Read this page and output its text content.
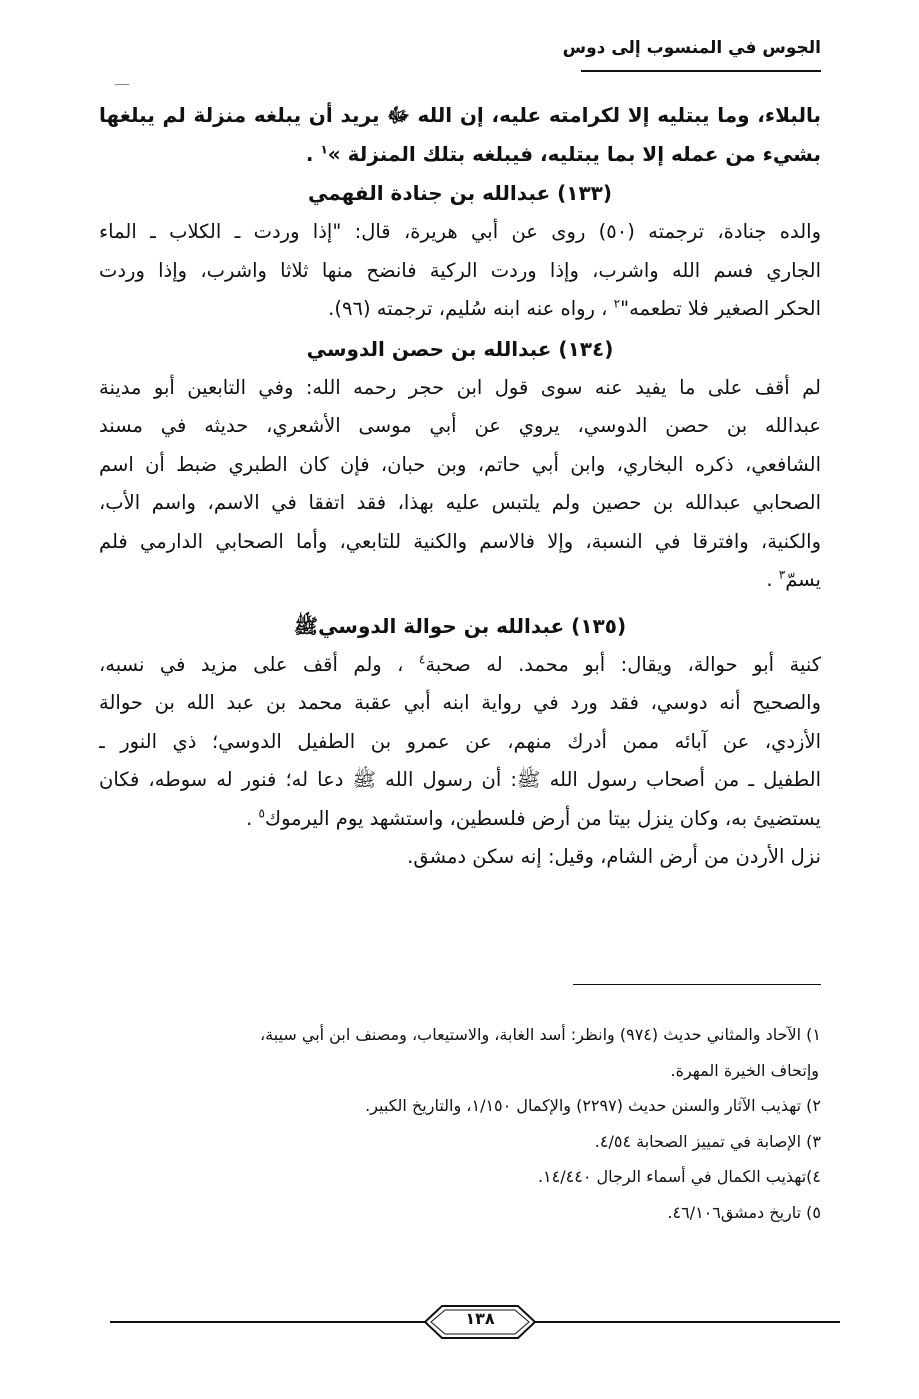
الجوس في المنسوب إلى دوس
بالبلاء، وما يبتليه إلا لكرامته عليه، إن الله ﷻ يريد أن يبلغه منزلة لم يبلغها
بشيء من عمله إلا بما يبتليه، فيبلغه بتلك المنزلة »$^١$ .
(١٣٣) عبدالله بن جنادة الفهمي
والده جنادة، ترجمته (٥٠) روى عن أبي هريرة، قال: "إذا وردت ـ الكلاب ـ الماء
الجاري فسم الله واشرب، وإذا وردت الركية فانضح منها ثلاثا واشرب، وإذا وردت
الحكر الصغير فلا تطعمه"$^٢$ ، رواه عنه ابنه سُليم، ترجمته (٩٦).
(١٣٤) عبدالله بن حصن الدوسي
لم أقف على ما يفيد عنه سوى قول ابن حجر رحمه الله: وفي التابعين أبو مدينة
عبدالله بن حصن الدوسي، يروي عن أبي موسى الأشعري، حديثه في مسند
الشافعي، ذكره البخاري، وابن أبي حاتم، وبن حبان، فإن كان الطبري ضبط أن اسم
الصحابي عبدالله بن حصين ولم يلتبس عليه بهذا، فقد اتفقا في الاسم، واسم الأب،
والكنية، وافترقا في النسبة، وإلا فالاسم والكنية للتابعي، وأما الصحابي الدارمي فلم
يسمّ$^٣$ .
(١٣٥) عبدالله بن حوالة الدوسيﷺ
كنية أبو حوالة، ويقال: أبو محمد. له صحبة$^٤$ ، ولم أقف على مزيد في نسبه،
والصحيح أنه دوسي، فقد ورد في رواية ابنه أبي عقبة محمد بن عبد الله بن حوالة
الأزدي، عن آبائه ممن أدرك منهم، عن عمرو بن الطفيل الدوسي؛ ذي النور ـ
الطفيل ـ من أصحاب رسول الله ﷺ: أن رسول الله ﷺ دعا له؛ فنور له سوطه، فكان
يستضيئ به، وكان ينزل بيتا من أرض فلسطين، واستشهد يوم اليرموك$^٥$ .
نزل الأردن من أرض الشام، وقيل: إنه سكن دمشق.
١) الآحاد والمثاني حديث (٩٧٤) وانظر: أسد الغابة، والاستيعاب، ومصنف ابن أبي سيبة،
وإتحاف الخيرة المهرة.
٢) تهذيب الآثار والسنن حديث (٢٢٩٧) والإكمال ١/١٥٠، والتاريخ الكبير.
٣) الإصابة في تمييز الصحابة ٤/٥٤.
٤)تهذيب الكمال في أسماء الرجال ١٤/٤٤٠.
٥) تاريخ دمشق٤٦/١٠٦.
١٣٨
